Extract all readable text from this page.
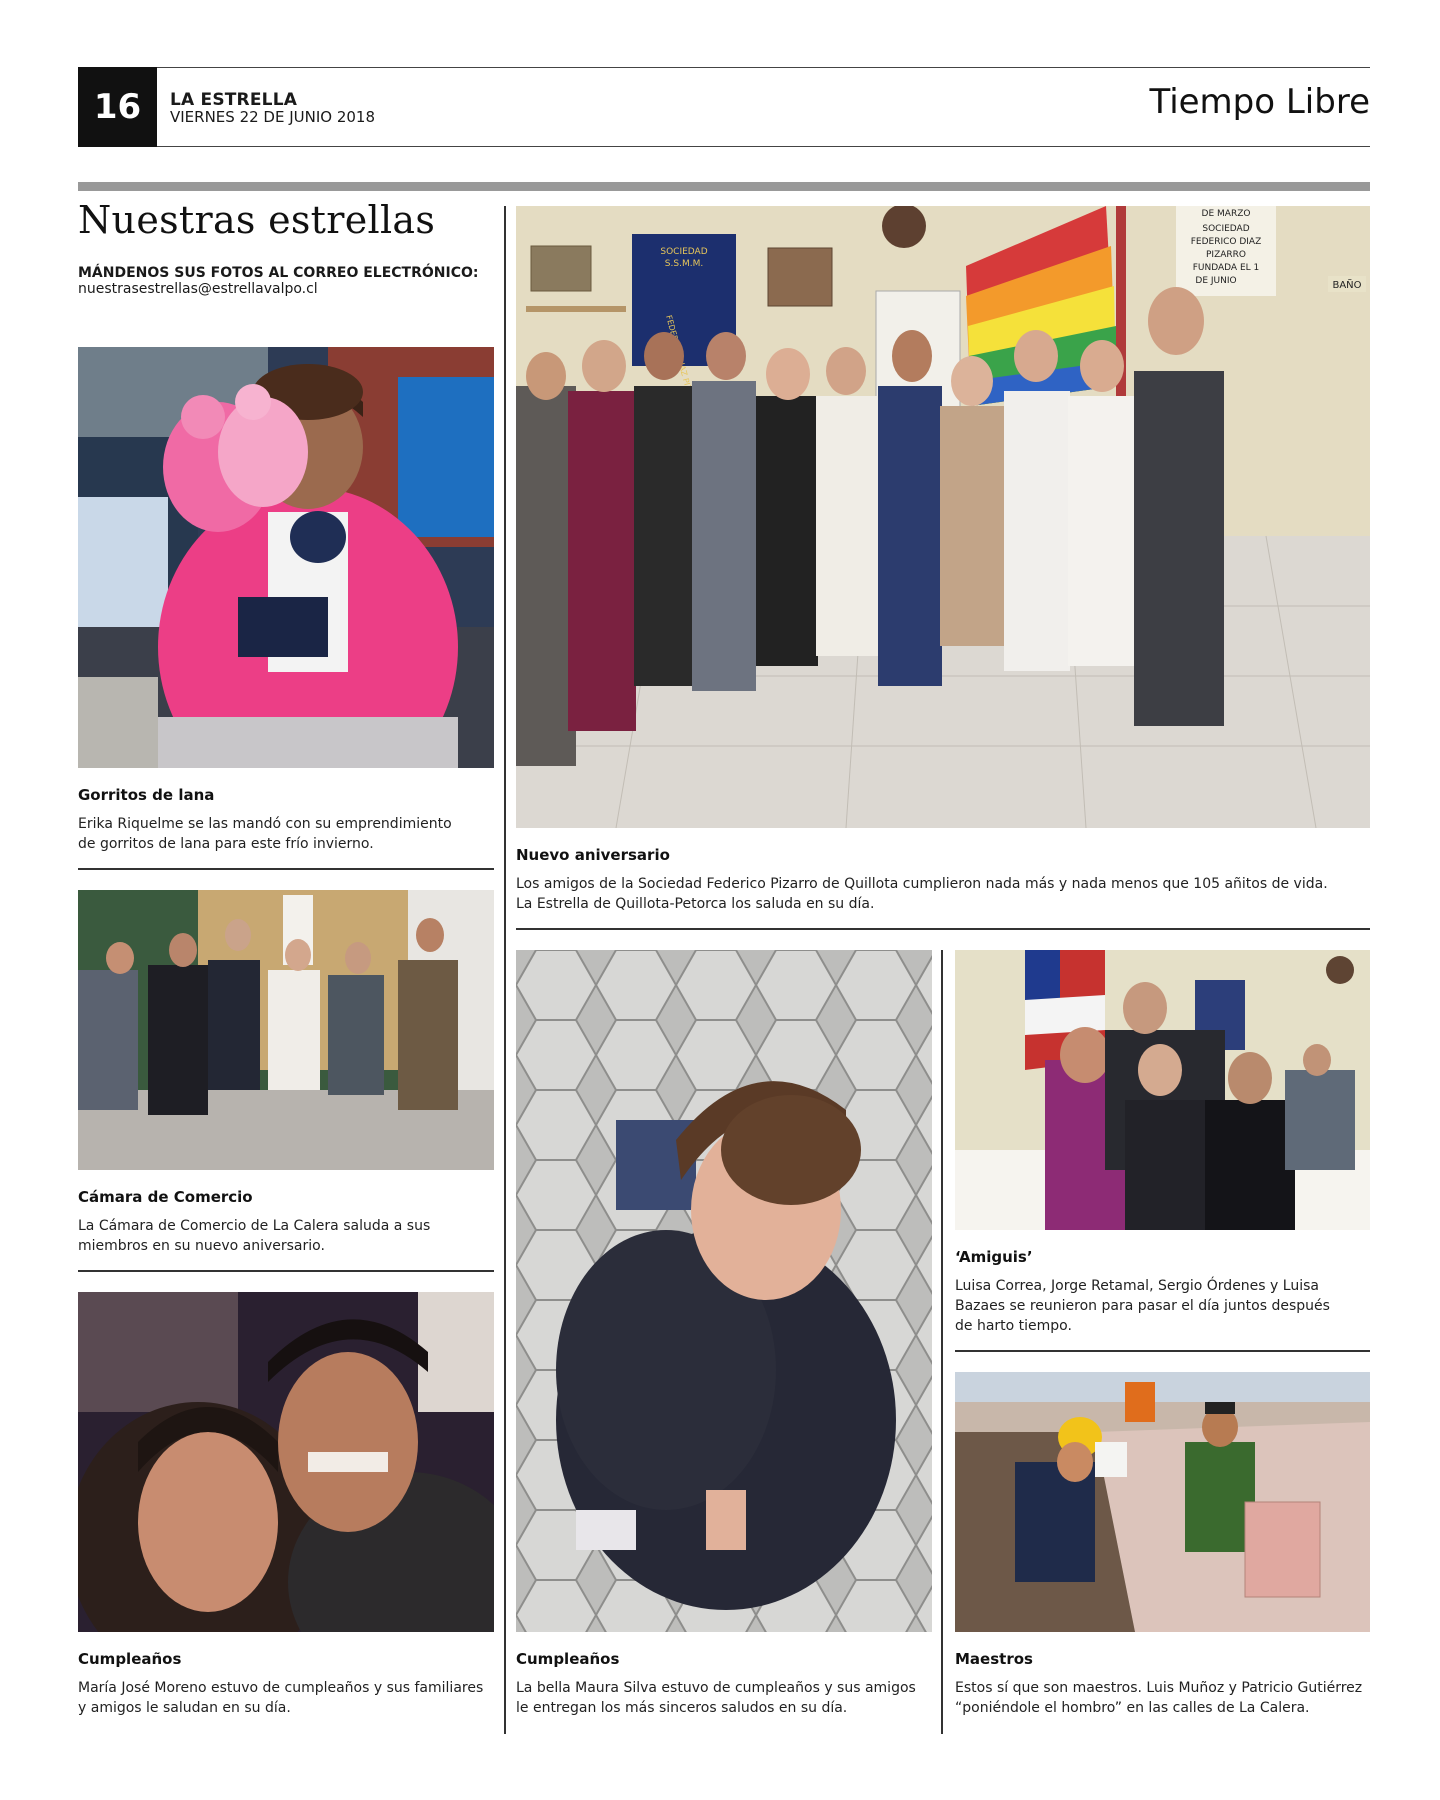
16	LA ESTRELLA
VIERNES 22 DE JUNIO 2018	Tiempo Libre
Nuestras estrellas
MÁNDENOS SUS FOTOS AL CORREO ELECTRÓNICO:
nuestrasestrellas@estrellavalpo.cl
Gorritos de lana
Erika Riquelme se las mandó con su emprendimiento
de gorritos de lana para este frío invierno.
SOCIEDAD
S.S.M.M.
FEDERICO DIAZ
DE MARZO
SOCIEDAD
FEDERICO DIAZ
PIZARRO
FUNDADA EL 1
DE JUNIO	BAÑO
Nuevo aniversario
Los amigos de la Sociedad Federico Pizarro de Quillota cumplieron nada más y nada menos que 105 añitos de vida.
La Estrella de Quillota-Petorca los saluda en su día.
Cámara de Comercio
La Cámara de Comercio de La Calera saluda a sus
miembros en su nuevo aniversario.
‘Amiguis’
Luisa Correa, Jorge Retamal, Sergio Órdenes y Luisa
Bazaes se reunieron para pasar el día juntos después
de harto tiempo.
Cumpleaños
María José Moreno estuvo de cumpleaños y sus familiares
y amigos le saludan en su día.
Cumpleaños
La bella Maura Silva estuvo de cumpleaños y sus amigos
le entregan los más sinceros saludos en su día.
Maestros
Estos sí que son maestros. Luis Muñoz y Patricio Gutiérrez
“poniéndole el hombro” en las calles de La Calera.
